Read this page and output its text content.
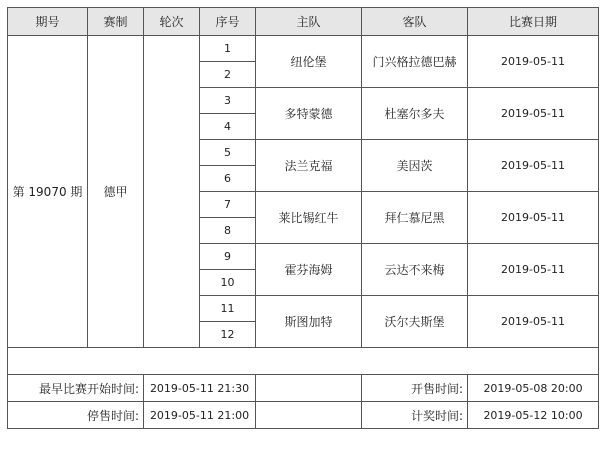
期号	赛制	轮次	序号	主队	客队	比赛日期
第 19070 期	德甲		1	纽伦堡	门兴格拉德巴赫	2019-05-11
			2			
			3	多特蒙德	杜塞尔多夫	2019-05-11
			4			
			5	法兰克福	美因茨	2019-05-11
			6			
			7	莱比锡红牛	拜仁慕尼黑	2019-05-11
			8			
			9	霍芬海姆	云达不来梅	2019-05-11
			10			
			11	斯图加特	沃尔夫斯堡	2019-05-11
			12			

最早比赛开始时间:		2019-05-11 21:30			开售时间:	2019-05-08 20:00
停售时间:		2019-05-11 21:00			计奖时间:	2019-05-12 10:00
